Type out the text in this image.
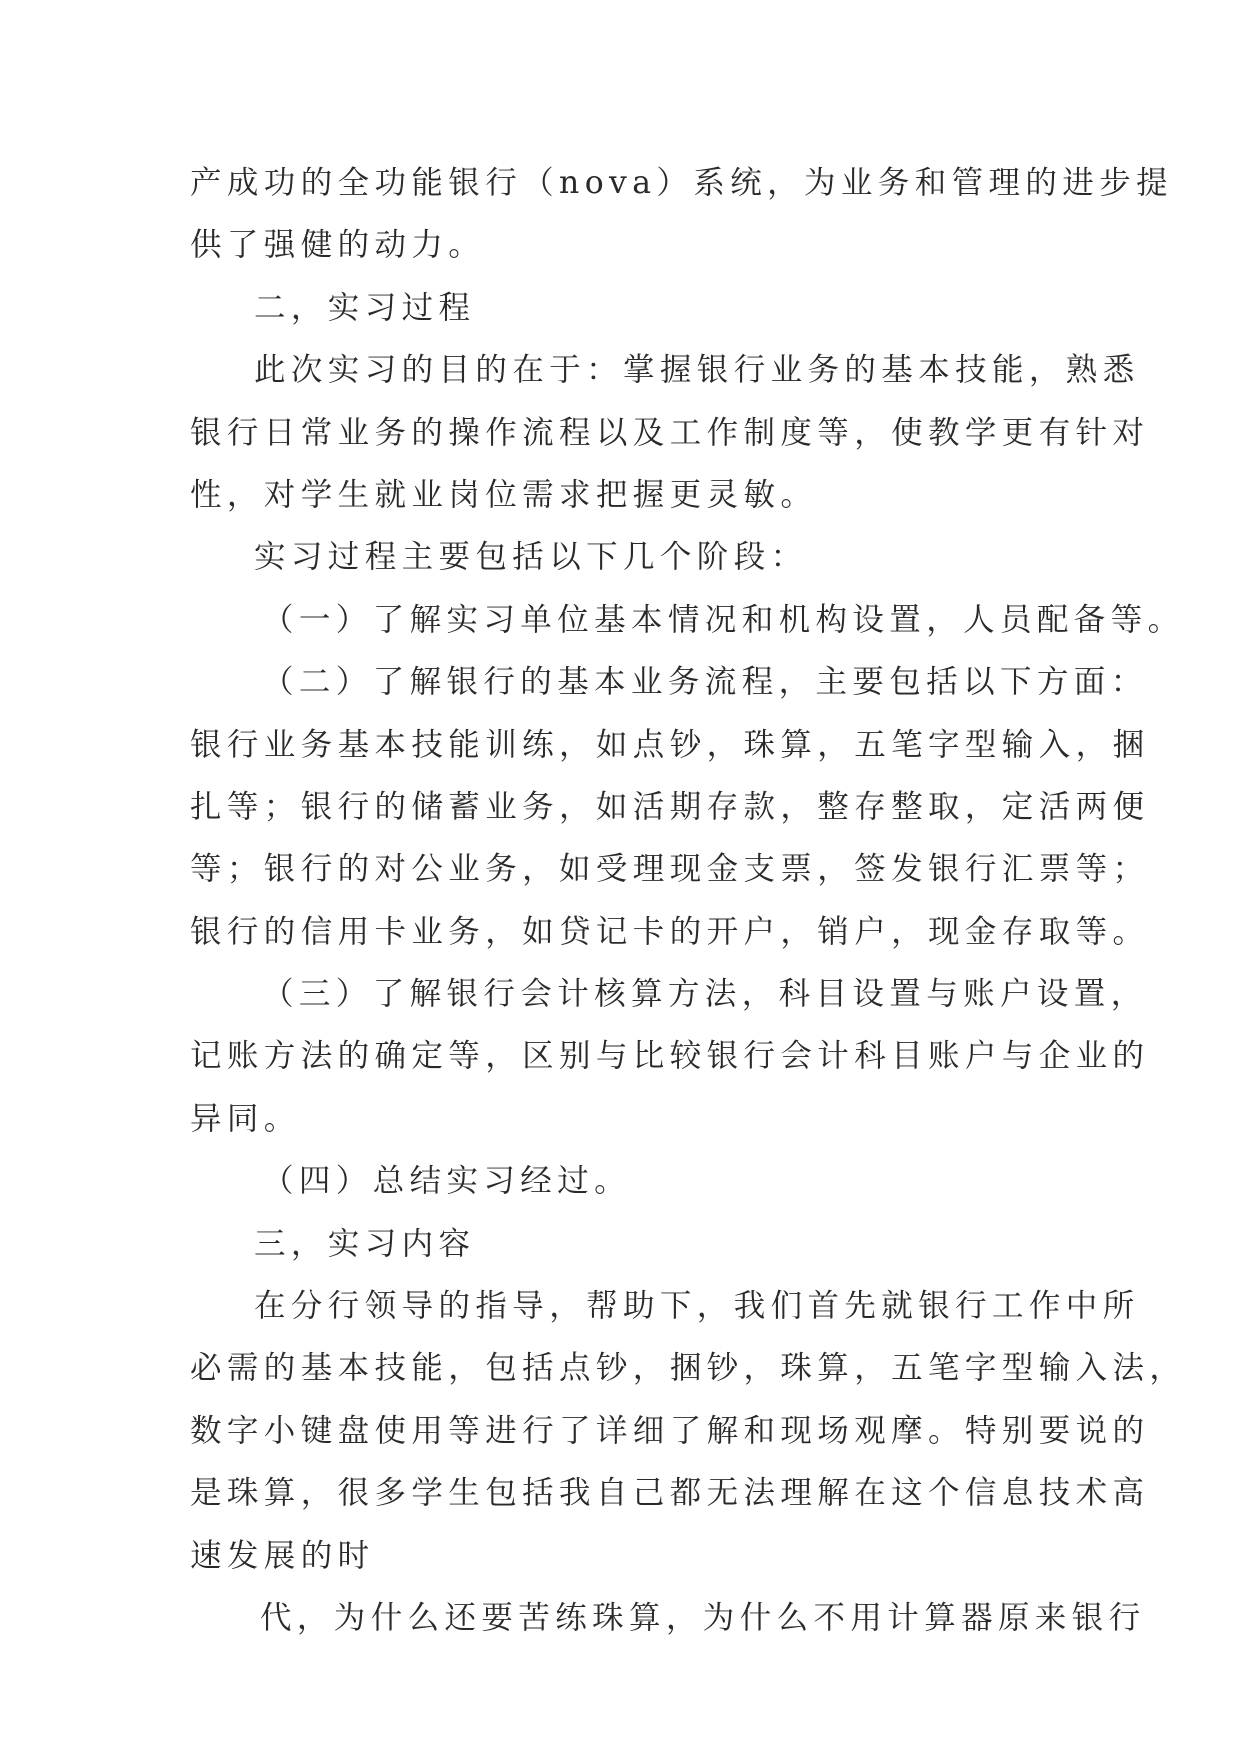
产成功的全功能银行（nova）系统，为业务和管理的进步提

供了强健的动力。

二，实习过程

此次实习的目的在于：掌握银行业务的基本技能，熟悉

银行日常业务的操作流程以及工作制度等，使教学更有针对

性，对学生就业岗位需求把握更灵敏。

实习过程主要包括以下几个阶段：

（一）了解实习单位基本情况和机构设置，人员配备等。

（二）了解银行的基本业务流程，主要包括以下方面：

银行业务基本技能训练，如点钞，珠算，五笔字型输入，捆

扎等；银行的储蓄业务，如活期存款，整存整取，定活两便

等；银行的对公业务，如受理现金支票，签发银行汇票等；

银行的信用卡业务，如贷记卡的开户，销户，现金存取等。

（三）了解银行会计核算方法，科目设置与账户设置，

记账方法的确定等，区别与比较银行会计科目账户与企业的

异同。

（四）总结实习经过。

三，实习内容

在分行领导的指导，帮助下，我们首先就银行工作中所

必需的基本技能，包括点钞，捆钞，珠算，五笔字型输入法，

数字小键盘使用等进行了详细了解和现场观摩。特别要说的

是珠算，很多学生包括我自己都无法理解在这个信息技术高

速发展的时

代，为什么还要苦练珠算，为什么不用计算器原来银行
